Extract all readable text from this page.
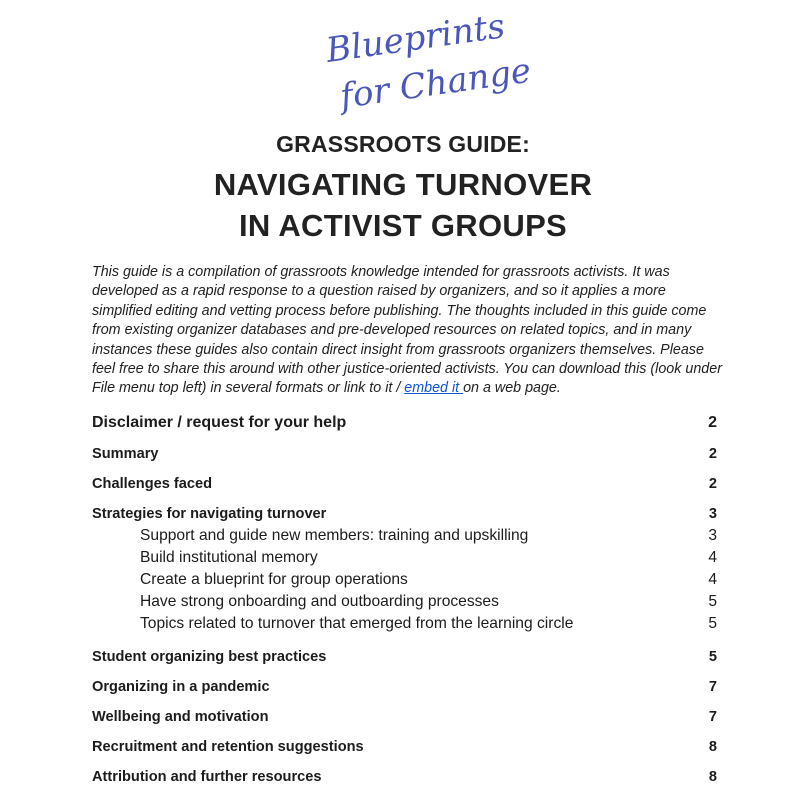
Blueprints
for Change
GRASSROOTS GUIDE:
NAVIGATING TURNOVER
IN ACTIVIST GROUPS

This guide is a compilation of grassroots knowledge intended for grassroots activists. It was developed as a rapid response to a question raised by organizers, and so it applies a more simplified editing and vetting process before publishing. The thoughts included in this guide come from existing organizer databases and pre-developed resources on related topics, and in many instances these guides also contain direct insight from grassroots organizers themselves. Please feel free to share this around with other justice-oriented activists. You can download this (look under File menu top left) in several formats or link to it / embed it on a web page.

Disclaimer / request for your help	2
Summary	2
Challenges faced	2
Strategies for navigating turnover	3
Support and guide new members: training and upskilling	3
Build institutional memory	4
Create a blueprint for group operations	4
Have strong onboarding and outboarding processes	5
Topics related to turnover that emerged from the learning circle	5
Student organizing best practices	5
Organizing in a pandemic	7
Wellbeing and motivation	7
Recruitment and retention suggestions	8
Attribution and further resources	8
